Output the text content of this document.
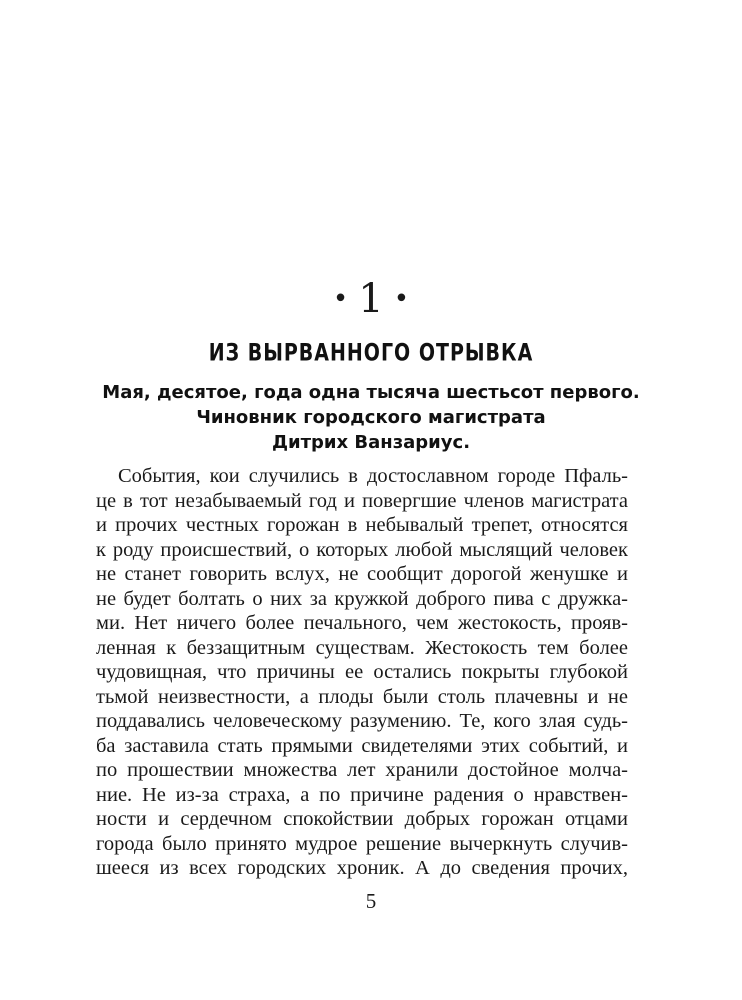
• 1 •
ИЗ ВЫРВАННОГО ОТРЫВКА
Мая, десятое, года одна тысяча шестьсот первого.
Чиновник городского магистрата
Дитрих Ванзариус.
События, кои случились в достославном городе Пфаль-
це в тот незабываемый год и повергшие членов магистрата
и прочих честных горожан в небывалый трепет, относятся
к роду происшествий, о которых любой мыслящий человек
не станет говорить вслух, не сообщит дорогой женушке и
не будет болтать о них за кружкой доброго пива с дружка-
ми. Нет ничего более печального, чем жестокость, прояв-
ленная к беззащитным существам. Жестокость тем более
чудовищная, что причины ее остались покрыты глубокой
тьмой неизвестности, а плоды были столь плачевны и не
поддавались человеческому разумению. Те, кого злая судь-
ба заставила стать прямыми свидетелями этих событий, и
по прошествии множества лет хранили достойное молча-
ние. Не из-за страха, а по причине радения о нравствен-
ности и сердечном спокойствии добрых горожан отцами
города было принято мудрое решение вычеркнуть случив-
шееся из всех городских хроник. А до сведения прочих,
5
